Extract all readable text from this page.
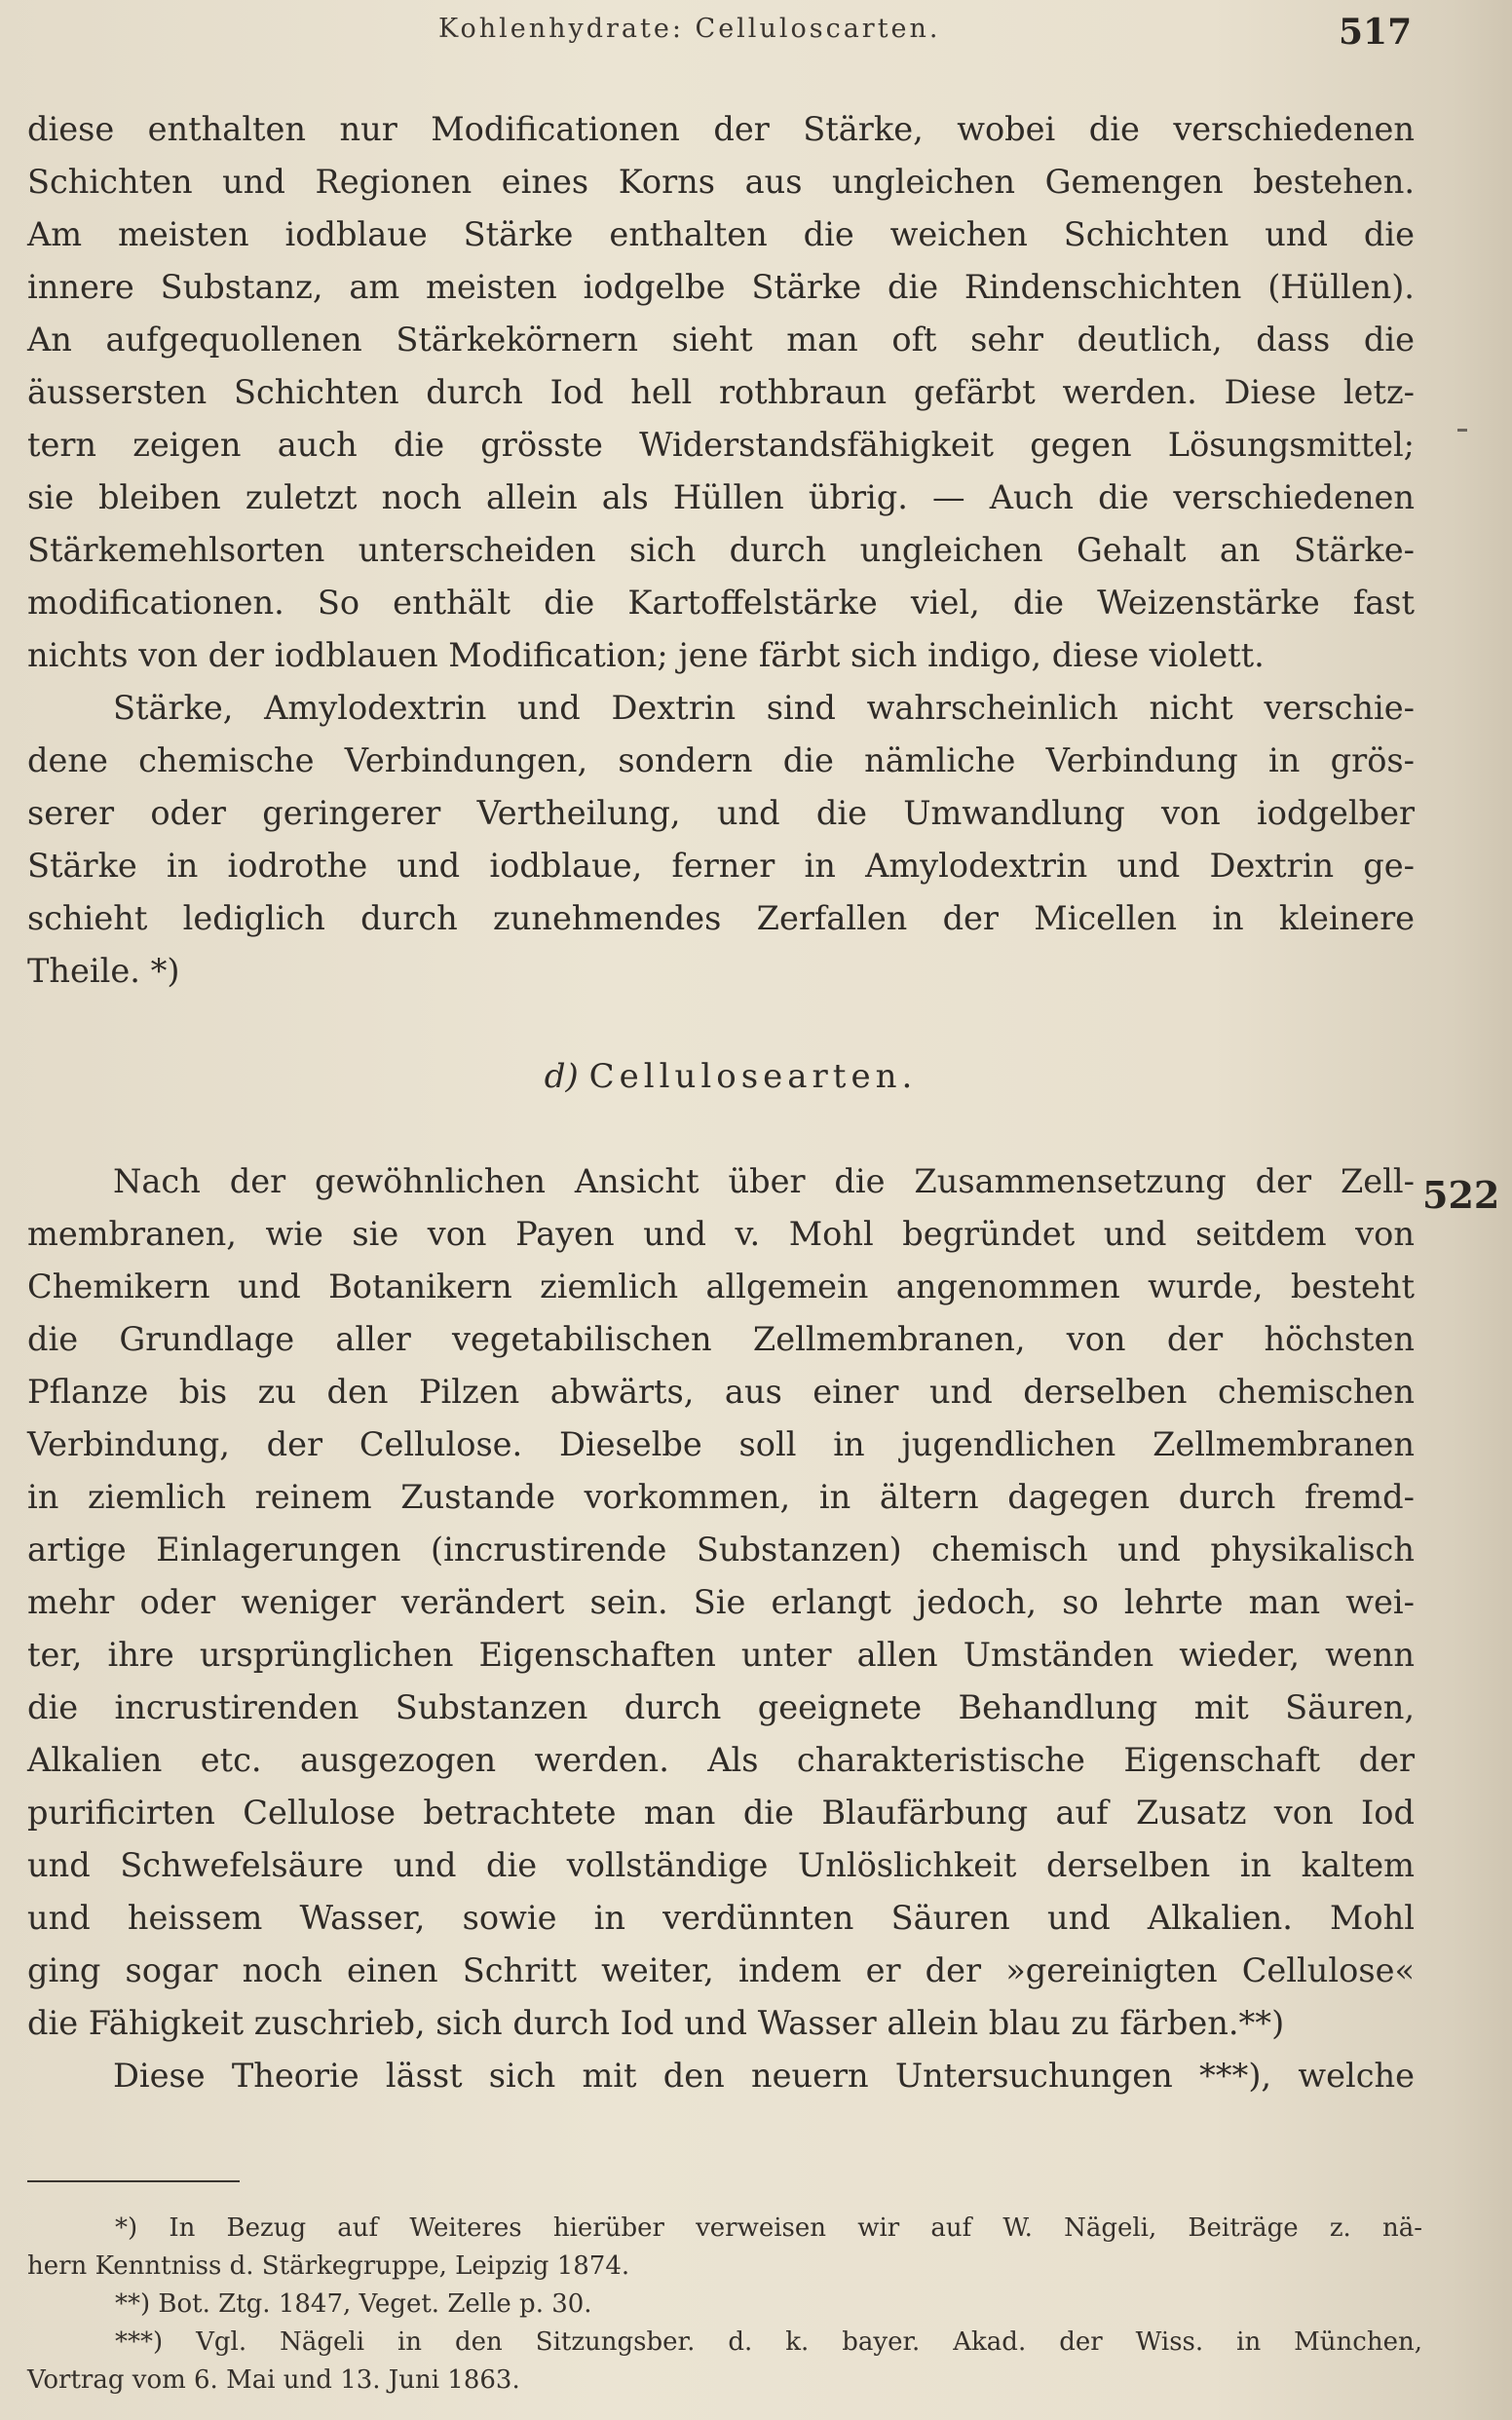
Kohlenhydrate: Celluloscarten.	517
522
diese enthalten nur Modificationen der Stärke, wobei die verschiedenen
Schichten und Regionen eines Korns aus ungleichen Gemengen bestehen.
Am meisten iodblaue Stärke enthalten die weichen Schichten und die
innere Substanz, am meisten iodgelbe Stärke die Rindenschichten (Hüllen).
An aufgequollenen Stärkekörnern sieht man oft sehr deutlich, dass die
äussersten Schichten durch Iod hell rothbraun gefärbt werden. Diese letz-
tern zeigen auch die grösste Widerstandsfähigkeit gegen Lösungsmittel;
sie bleiben zuletzt noch allein als Hüllen übrig. — Auch die verschiedenen
Stärkemehlsorten unterscheiden sich durch ungleichen Gehalt an Stärke-
modificationen. So enthält die Kartoffelstärke viel, die Weizenstärke fast
nichts von der iodblauen Modification; jene färbt sich indigo, diese violett.
Stärke, Amylodextrin und Dextrin sind wahrscheinlich nicht verschie-
dene chemische Verbindungen, sondern die nämliche Verbindung in grös-
serer oder geringerer Vertheilung, und die Umwandlung von iodgelber
Stärke in iodrothe und iodblaue, ferner in Amylodextrin und Dextrin ge-
schieht lediglich durch zunehmendes Zerfallen der Micellen in kleinere
Theile. *)
d) Cellulosearten.
Nach der gewöhnlichen Ansicht über die Zusammensetzung der Zell-
membranen, wie sie von Payen und v. Mohl begründet und seitdem von
Chemikern und Botanikern ziemlich allgemein angenommen wurde, besteht
die Grundlage aller vegetabilischen Zellmembranen, von der höchsten
Pflanze bis zu den Pilzen abwärts, aus einer und derselben chemischen
Verbindung, der Cellulose. Dieselbe soll in jugendlichen Zellmembranen
in ziemlich reinem Zustande vorkommen, in ältern dagegen durch fremd-
artige Einlagerungen (incrustirende Substanzen) chemisch und physikalisch
mehr oder weniger verändert sein. Sie erlangt jedoch, so lehrte man wei-
ter, ihre ursprünglichen Eigenschaften unter allen Umständen wieder, wenn
die incrustirenden Substanzen durch geeignete Behandlung mit Säuren,
Alkalien etc. ausgezogen werden. Als charakteristische Eigenschaft der
purificirten Cellulose betrachtete man die Blaufärbung auf Zusatz von Iod
und Schwefelsäure und die vollständige Unlöslichkeit derselben in kaltem
und heissem Wasser, sowie in verdünnten Säuren und Alkalien. Mohl
ging sogar noch einen Schritt weiter, indem er der »gereinigten Cellulose«
die Fähigkeit zuschrieb, sich durch Iod und Wasser allein blau zu färben.**)
Diese Theorie lässt sich mit den neuern Untersuchungen ***), welche
*) In Bezug auf Weiteres hierüber verweisen wir auf W. Nägeli, Beiträge z. nä-
hern Kenntniss d. Stärkegruppe, Leipzig 1874.
**) Bot. Ztg. 1847, Veget. Zelle p. 30.
***) Vgl. Nägeli in den Sitzungsber. d. k. bayer. Akad. der Wiss. in München,
Vortrag vom 6. Mai und 13. Juni 1863.
